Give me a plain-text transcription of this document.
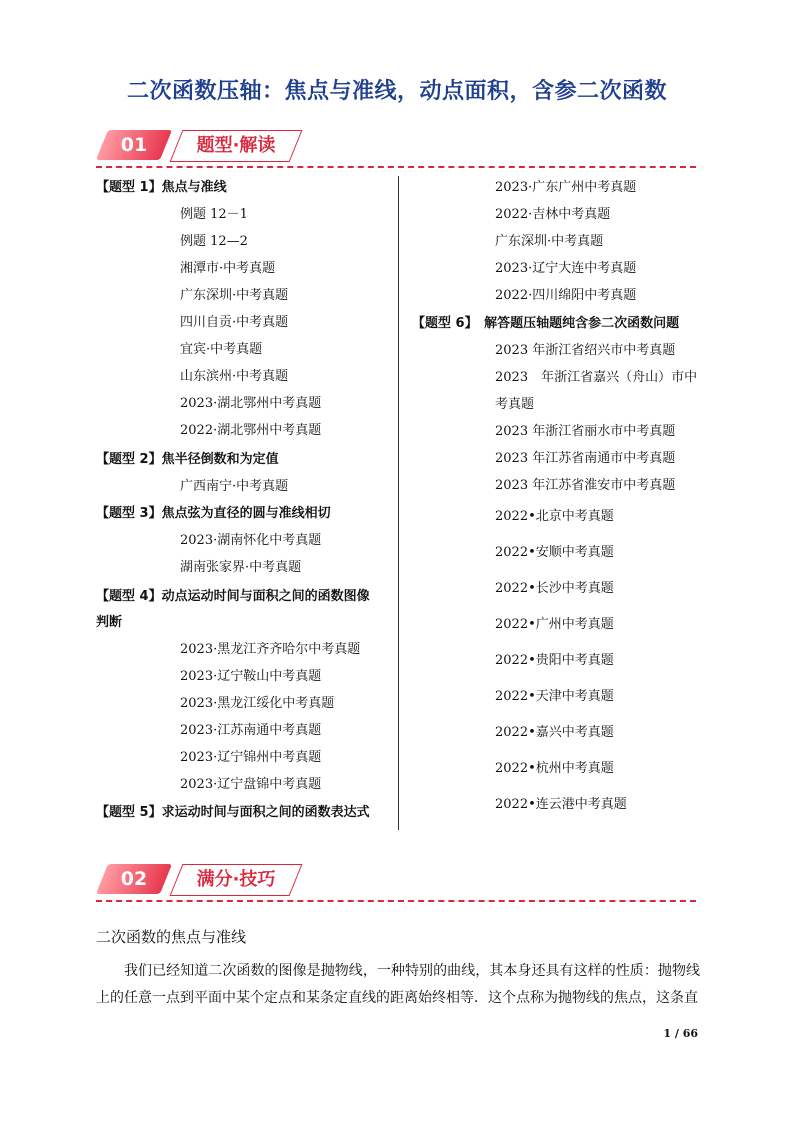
二次函数压轴：焦点与准线，动点面积，含参二次函数
01	题型·解读
【题型 1】焦点与准线
例题 12－1
例题 12—2
湘潭市·中考真题
广东深圳·中考真题
四川自贡·中考真题
宜宾·中考真题
山东滨州·中考真题
2023·湖北鄂州中考真题
2022·湖北鄂州中考真题
【题型 2】焦半径倒数和为定值
广西南宁·中考真题
【题型 3】焦点弦为直径的圆与准线相切
2023·湖南怀化中考真题
湖南张家界·中考真题
【题型 4】动点运动时间与面积之间的函数图像
判断
2023·黑龙江齐齐哈尔中考真题
2023·辽宁鞍山中考真题
2023·黑龙江绥化中考真题
2023·江苏南通中考真题
2023·辽宁锦州中考真题
2023·辽宁盘锦中考真题
【题型 5】求运动时间与面积之间的函数表达式
2023·广东广州中考真题
2022·吉林中考真题
广东深圳·中考真题
2023·辽宁大连中考真题
2022·四川绵阳中考真题
【题型 6】　解答题压轴题纯含参二次函数问题
2023 年浙江省绍兴市中考真题
2023　年浙江省嘉兴（舟山）市中
考真题
2023 年浙江省丽水市中考真题
2023 年江苏省南通市中考真题
2023 年江苏省淮安市中考真题
2022•北京中考真题
2022•安顺中考真题
2022•长沙中考真题
2022•广州中考真题
2022•贵阳中考真题
2022•天津中考真题
2022•嘉兴中考真题
2022•杭州中考真题
2022•连云港中考真题
02	满分·技巧
二次函数的焦点与准线
我们已经知道二次函数的图像是抛物线，一种特别的曲线，其本身还具有这样的性质：抛物线上的任意一点到平面中某个定点和某条定直线的距离始终相等．这个点称为抛物线的焦点，这条直
1 / 66
